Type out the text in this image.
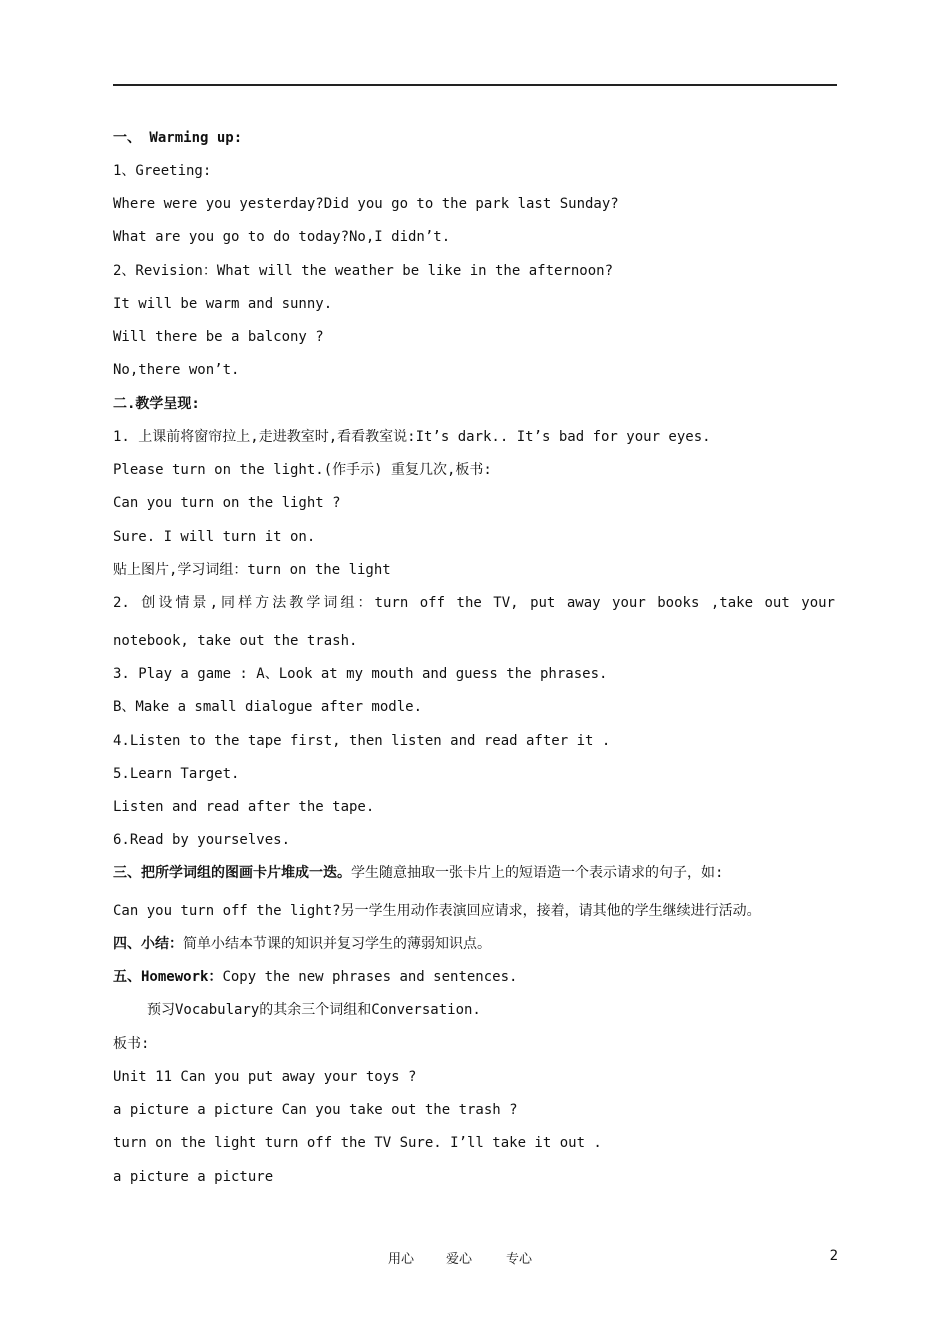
一、 Warming up:
1、Greeting:
Where were you yesterday?Did you go to the park last Sunday?
What are you go to do today?No,I didn’t.
2、Revision：What will the weather be like in the afternoon?
It will be warm and sunny.
Will there be a balcony ?
No,there won’t.
二.教学呈现:
1. 上课前将窗帘拉上,走进教室时,看看教室说:It’s dark.. It’s bad for your eyes.
Please turn on the light.(作手示) 重复几次,板书:
Can you turn on the light ?
Sure. I will turn it on.
贴上图片,学习词组：turn on the light
2. 创设情景,同样方法教学词组：turn off the TV, put away your books ,take out your
notebook, take out the trash.
3. Play a game : A、Look at my mouth and guess the phrases.
B、Make a small dialogue after modle.
4.Listen to the tape first, then listen and read after it .
5.Learn Target.
Listen and read after the tape.
6.Read by yourselves.
三、把所学词组的图画卡片堆成一迭。学生随意抽取一张卡片上的短语造一个表示请求的句子，如:
Can you turn off the light?另一学生用动作表演回应请求，接着，请其他的学生继续进行活动。
四、小结：简单小结本节课的知识并复习学生的薄弱知识点。
五、Homework：Copy the new phrases and sentences.
预习Vocabulary的其余三个词组和Conversation.
板书:
Unit 11 Can you put away your toys ?
a picture a picture Can you take out the trash ?
turn on the light turn off the TV Sure. I’ll take it out .
a picture a picture
用心 爱心	专心	2
